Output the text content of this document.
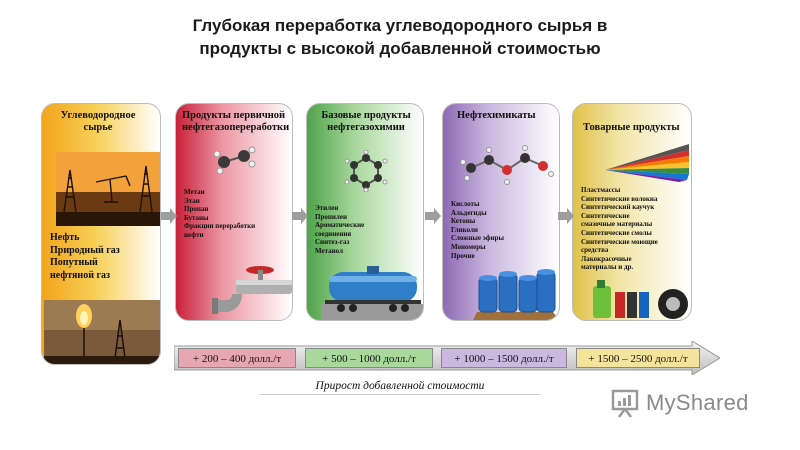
Глубокая переработка углеводородного сырья в
продукты с высокой добавленной стоимостью
Углеводородное
сырье
Нефть
Природный газ
Попутный
нефтяной газ
Продукты первичной
нефтегазопереработки
Метан
Этан
Пропан
Бутаны
Фракции переработки
нефти
Базовые продукты
нефтегазохимии
Этилен
Пропилен
Ароматические
соединения
Синтез-газ
Метанол
Нефтехимикаты
Кислоты
Альдегиды
Кетоны
Гликоли
Сложные эфиры
Мономеры
Прочие
Товарные продукты
Пластмассы
Синтетические волокна
Синтетический каучук
Синтетические
смазочные материалы
Синтетические смолы
Синтетические моющие
средства
Лакокрасочные
материалы и др.
+ 200 – 400 долл./т	+ 500 – 1000 долл./т	+ 1000 – 1500 долл./т	+ 1500 – 2500 долл./т
Прирост добавленной стоимости
MyShared
